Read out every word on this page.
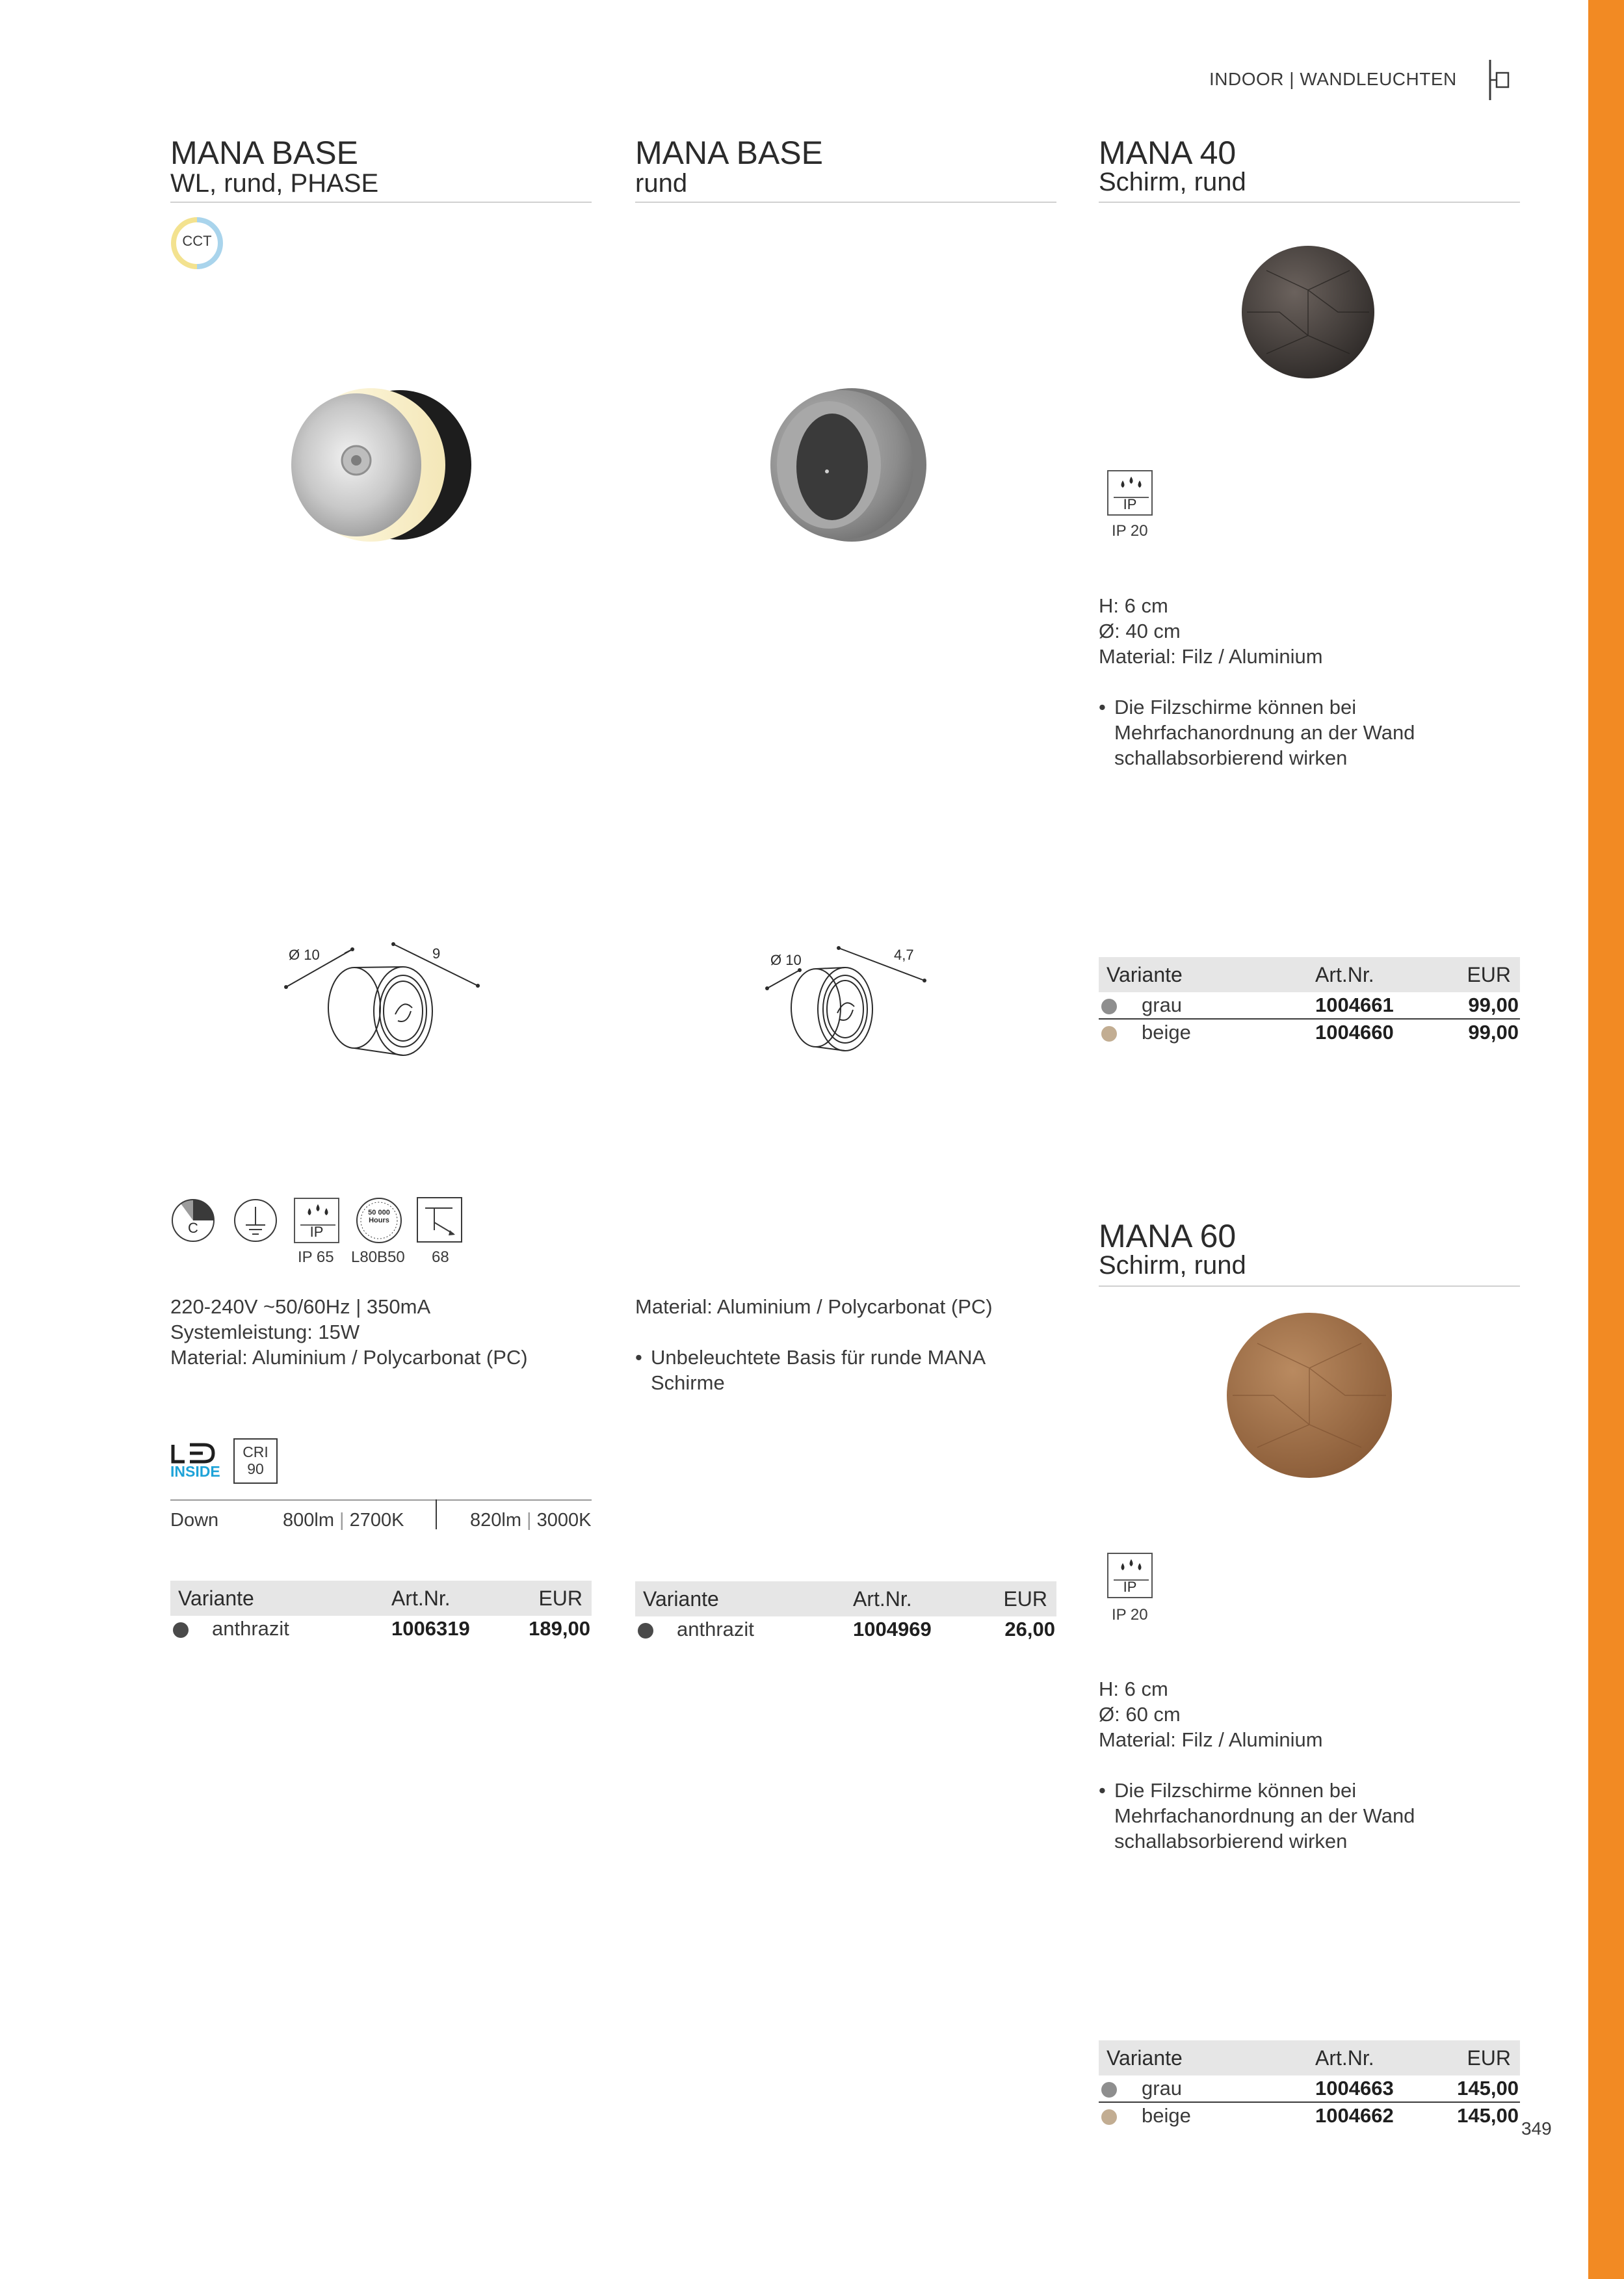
INDOOR | WANDLEUCHTEN
349
MANA BASE
WL, rund, PHASE
CCT
Ø 10	9
C	IP
IP 65
50 000 Hours
L80B50 68
220-240V ~50/60Hz | 350mA
Systemleistung: 15W
Material: Aluminium / Polycarbonat (PC)
INSIDE
CRI
90
Down	800lm | 2700K	820lm | 3000K
Variante	Art.Nr.	EUR
anthrazit	1006319	189,00
MANA BASE
rund
Ø 10	4,7
Material: Aluminium / Polycarbonat (PC)
• Unbeleuchtete Basis für runde MANA
Schirme
Variante	Art.Nr.	EUR
anthrazit	1004969	26,00
MANA 40
Schirm, rund
IP
IP 20
H: 6 cm
Ø: 40 cm
Material: Filz / Aluminium
• Die Filzschirme können bei
Mehrfachanordnung an der Wand
schallabsorbierend wirken
Variante	Art.Nr.	EUR
grau	1004661	99,00
beige	1004660	99,00
MANA 60
Schirm, rund
IP
IP 20
H: 6 cm
Ø: 60 cm
Material: Filz / Aluminium
• Die Filzschirme können bei
Mehrfachanordnung an der Wand
schallabsorbierend wirken
Variante	Art.Nr.	EUR
grau	1004663	145,00
beige	1004662	145,00
